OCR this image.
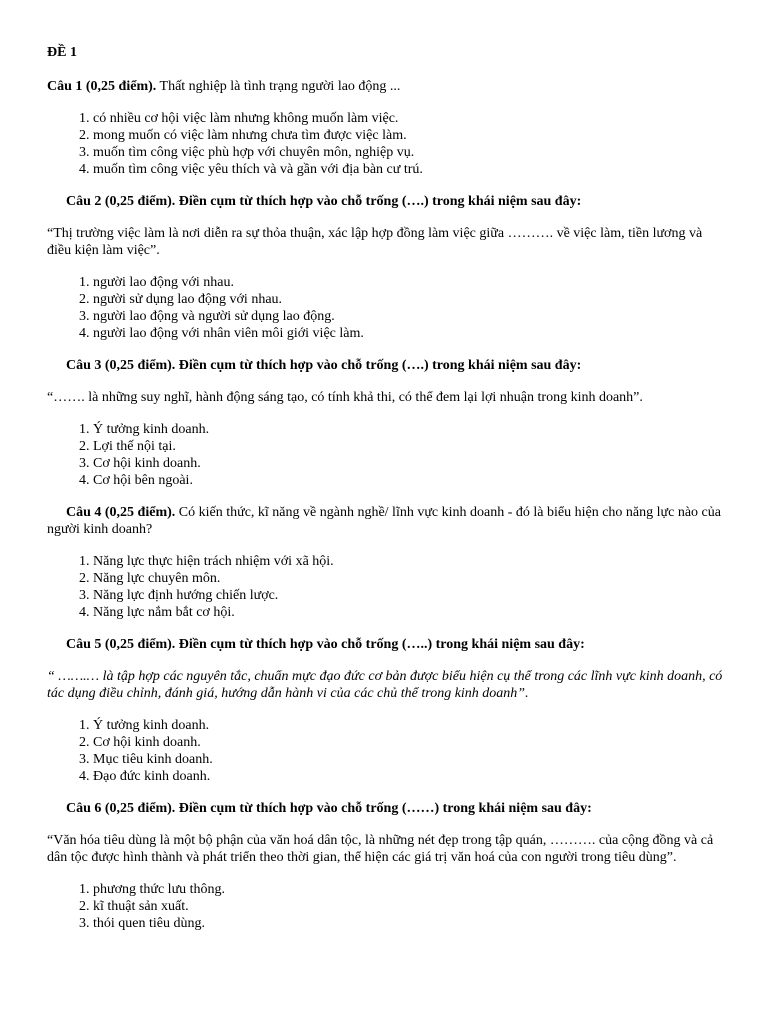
ĐỀ 1

Câu 1 (0,25 điểm). Thất nghiệp là tình trạng người lao động ...

1. có nhiều cơ hội việc làm nhưng không muốn làm việc.
2. mong muốn có việc làm nhưng chưa tìm được việc làm.
3. muốn tìm công việc phù hợp với chuyên môn, nghiệp vụ.
4. muốn tìm công việc yêu thích và và gần với địa bàn cư trú.

Câu 2 (0,25 điểm). Điền cụm từ thích hợp vào chỗ trống (….) trong khái niệm sau đây:

“Thị trường việc làm là nơi diễn ra sự thỏa thuận, xác lập hợp đồng làm việc giữa ………. về việc làm, tiền lương và điều kiện làm việc”.

1. người lao động với nhau.
2. người sử dụng lao động với nhau.
3. người lao động và người sử dụng lao động.
4. người lao động với nhân viên môi giới việc làm.

Câu 3 (0,25 điểm). Điền cụm từ thích hợp vào chỗ trống (….) trong khái niệm sau đây:

“……. là những suy nghĩ, hành động sáng tạo, có tính khả thi, có thể đem lại lợi nhuận trong kinh doanh”.

1. Ý tưởng kinh doanh.
2. Lợi thế nội tại.
3. Cơ hội kinh doanh.
4. Cơ hội bên ngoài.

Câu 4 (0,25 điểm). Có kiến thức, kĩ năng về ngành nghề/ lĩnh vực kinh doanh - đó là biểu hiện cho năng lực nào của người kinh doanh?

1. Năng lực thực hiện trách nhiệm với xã hội.
2. Năng lực chuyên môn.
3. Năng lực định hướng chiến lược.
4. Năng lực nắm bắt cơ hội.

Câu 5 (0,25 điểm). Điền cụm từ thích hợp vào chỗ trống (…..) trong khái niệm sau đây:

“ …….… là tập hợp các nguyên tắc, chuẩn mực đạo đức cơ bản được biểu hiện cụ thể trong các lĩnh vực kinh doanh, có tác dụng điều chỉnh, đánh giá, hướng dẫn hành vi của các chủ thể trong kinh doanh”.

1. Ý tưởng kinh doanh.
2. Cơ hội kinh doanh.
3. Mục tiêu kinh doanh.
4. Đạo đức kinh doanh.

Câu 6 (0,25 điểm). Điền cụm từ thích hợp vào chỗ trống (……) trong khái niệm sau đây:

“Văn hóa tiêu dùng là một bộ phận của văn hoá dân tộc, là những nét đẹp trong tập quán, ………. của cộng đồng và cả dân tộc được hình thành và phát triển theo thời gian, thể hiện các giá trị văn hoá của con người trong tiêu dùng”.

1. phương thức lưu thông.
2. kĩ thuật sản xuất.
3. thói quen tiêu dùng.
